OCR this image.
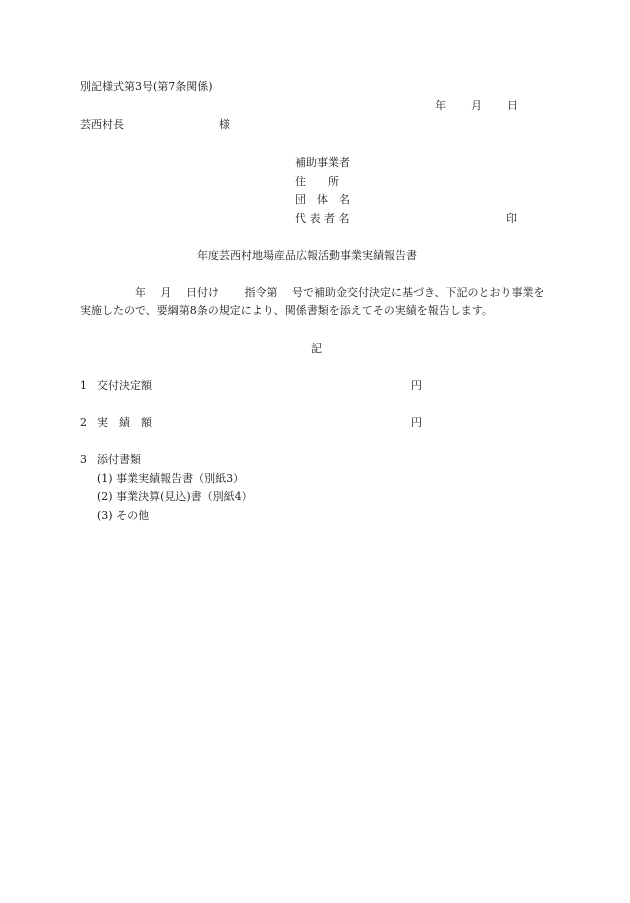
別記様式第3号(第7条関係)
年 月 日
芸西村長	様
補助事業者
住　　所
団　体　名
代 表 者 名	印
年度芸西村地場産品広報活動事業実績報告書
　　　　　年　 月　 日付け　　 指令第　 号で補助金交付決定に基づき、下記のとおり事業を
実施したので、要綱第8条の規定により、関係書類を添えてその実績を報告します。
記
1 交付決定額	円
2 実　績　額	円
3 添付書類
(1) 事業実績報告書（別紙3）
(2) 事業決算(見込)書（別紙4）
(3) その他
